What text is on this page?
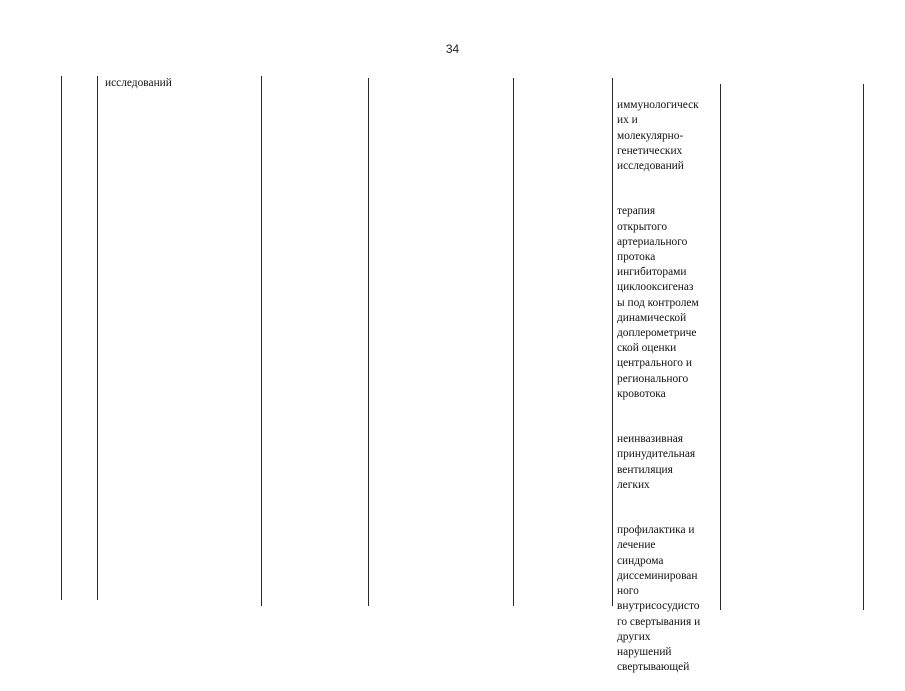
34
исследований

иммунологическ
их и
молекулярно-
генетических
исследований

терапия
открытого
артериального
протока
ингибиторами
циклооксигеназ
ы под контролем
динамической
доплерометриче
ской оценки
центрального и
регионального
кровотока

неинвазивная
принудительная
вентиляция
легких

профилактика и
лечение
синдрома
диссеминирован
ного
внутрисосудисто
го свертывания и
других
нарушений
свертывающей
